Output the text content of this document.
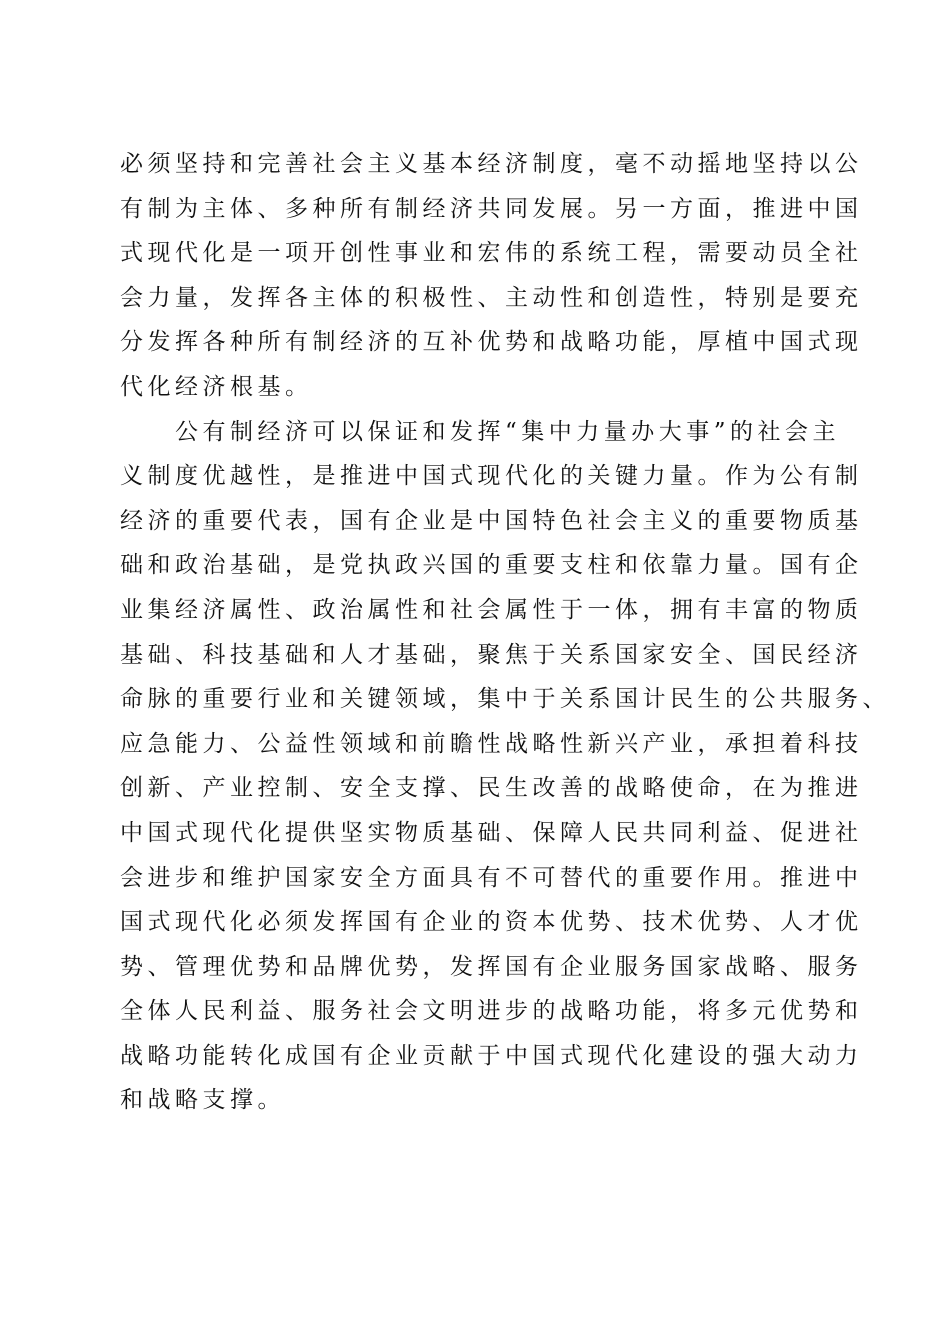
必须坚持和完善社会主义基本经济制度，毫不动摇地坚持以公
有制为主体、多种所有制经济共同发展。另一方面，推进中国
式现代化是一项开创性事业和宏伟的系统工程，需要动员全社
会力量，发挥各主体的积极性、主动性和创造性，特别是要充
分发挥各种所有制经济的互补优势和战略功能，厚植中国式现
代化经济根基。
　　公有制经济可以保证和发挥“集中力量办大事”的社会主
义制度优越性，是推进中国式现代化的关键力量。作为公有制
经济的重要代表，国有企业是中国特色社会主义的重要物质基
础和政治基础，是党执政兴国的重要支柱和依靠力量。国有企
业集经济属性、政治属性和社会属性于一体，拥有丰富的物质
基础、科技基础和人才基础，聚焦于关系国家安全、国民经济
命脉的重要行业和关键领域，集中于关系国计民生的公共服务、
应急能力、公益性领域和前瞻性战略性新兴产业，承担着科技
创新、产业控制、安全支撑、民生改善的战略使命，在为推进
中国式现代化提供坚实物质基础、保障人民共同利益、促进社
会进步和维护国家安全方面具有不可替代的重要作用。推进中
国式现代化必须发挥国有企业的资本优势、技术优势、人才优
势、管理优势和品牌优势，发挥国有企业服务国家战略、服务
全体人民利益、服务社会文明进步的战略功能，将多元优势和
战略功能转化成国有企业贡献于中国式现代化建设的强大动力
和战略支撑。
